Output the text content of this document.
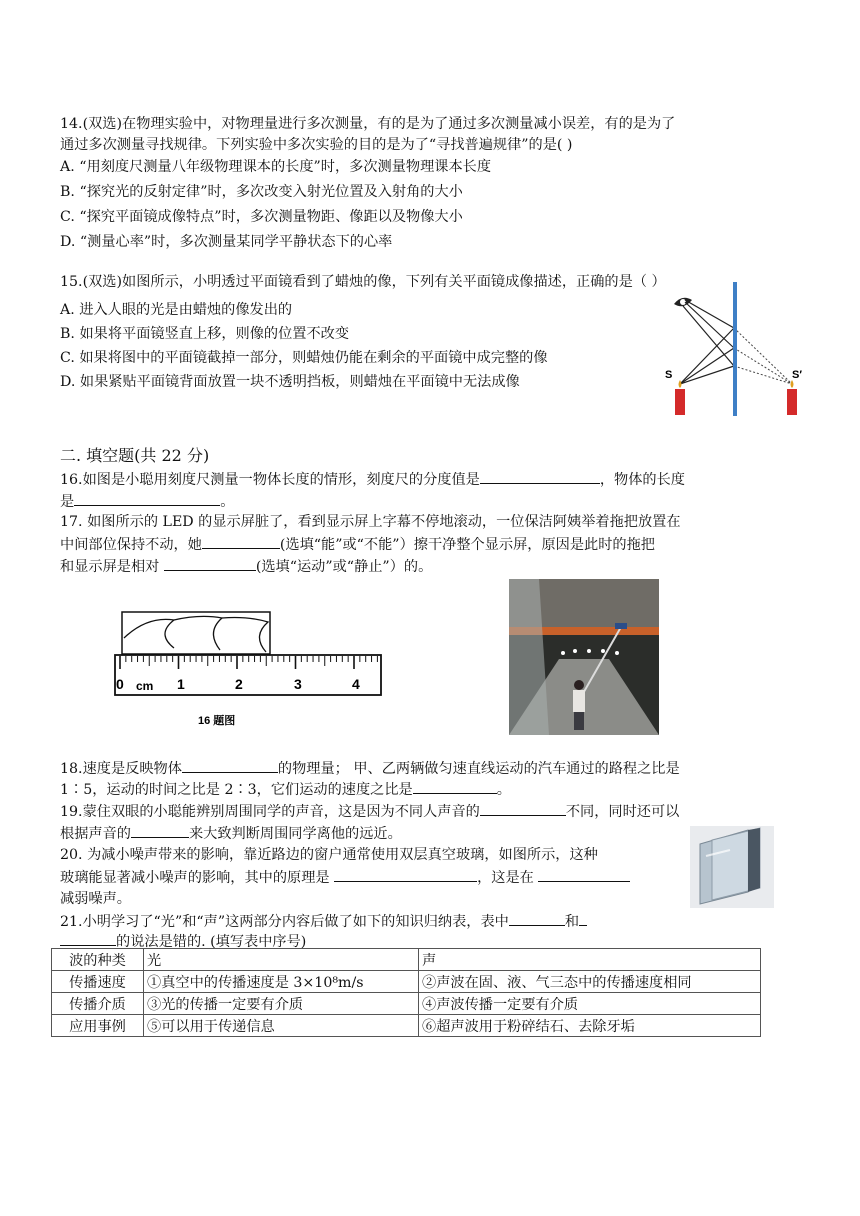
14.(双选)在物理实验中，对物理量进行多次测量，有的是为了通过多次测量减小误差，有的是为了
通过多次测量寻找规律。下列实验中多次实验的目的是为了“寻找普遍规律”的是( )
A. “用刻度尺测量八年级物理课本的长度”时，多次测量物理课本长度
B. “探究光的反射定律”时，多次改变入射光位置及入射角的大小
C. “探究平面镜成像特点”时，多次测量物距、像距以及物像大小
D. “测量心率”时，多次测量某同学平静状态下的心率
15.(双选)如图所示，小明透过平面镜看到了蜡烛的像，下列有关平面镜成像描述，正确的是（ ）
A. 进入人眼的光是由蜡烛的像发出的
B. 如果将平面镜竖直上移，则像的位置不改变
C. 如果将图中的平面镜截掉一部分，则蜡烛仍能在剩余的平面镜中成完整的像
D. 如果紧贴平面镜背面放置一块不透明挡板，则蜡烛在平面镜中无法成像	S	S′
二. 填空题(共 22 分)
16.如图是小聪用刻度尺测量一物体长度的情形，刻度尺的分度值是	，物体的长度
是	。
17. 如图所示的 LED 的显示屏脏了，看到显示屏上字幕不停地滚动，一位保洁阿姨举着拖把放置在
中间部位保持不动，她	(选填“能”或“不能”）擦干净整个显示屏，原因是此时的拖把
和显示屏是相对	(选填“运动”或“静止”）的。
0 cm 1	2	3	4
16 题图
18.速度是反映物体	的物理量； 甲、乙两辆做匀速直线运动的汽车通过的路程之比是
1∶5，运动的时间之比是 2∶3，它们运动的速度之比是	。
19.蒙住双眼的小聪能辨别周围同学的声音，这是因为不同人声音的	不同，同时还可以
根据声音的	来大致判断周围同学离他的远近。
20. 为减小噪声带来的影响，靠近路边的窗户通常使用双层真空玻璃，如图所示，这种
玻璃能显著减小噪声的影响，其中的原理是	，这是在
减弱噪声。
21.小明学习了“光”和“声”这两部分内容后做了如下的知识归纳表，表中	和
的说法是错的. (填写表中序号)
波的种类	光	声
传播速度	①真空中的传播速度是 3×10⁸m/s	②声波在固、液、气三态中的传播速度相同
传播介质	③光的传播一定要有介质	④声波传播一定要有介质
应用事例	⑤可以用于传递信息	⑥超声波用于粉碎结石、去除牙垢
